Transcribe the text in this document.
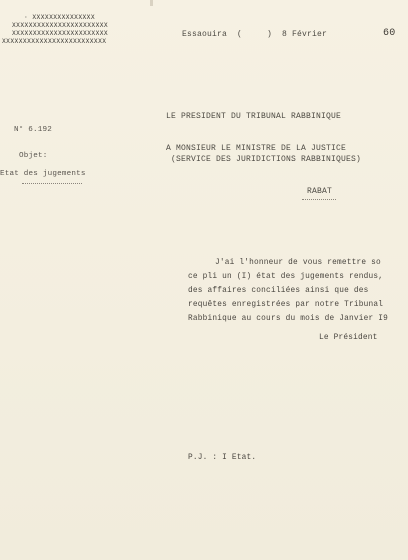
· XXXXXXXXXXXXXXX
XXXXXXXXXXXXXXXXXXXXXXX
XXXXXXXXXXXXXXXXXXXXXXX
XXXXXXXXXXXXXXXXXXXXXXXXX
Essaouira  (     )  8 Février	60
LE PRESIDENT DU TRIBUNAL RABBINIQUE
N° 6.192
A MONSIEUR LE MINISTRE DE LA JUSTICE
(SERVICE DES JURIDICTIONS RABBINIQUES)
Objet:
Etat des jugements
RABAT
J'ai l'honneur de vous remettre so
ce pli un (I) état des jugements rendus,
des affaires conciliées ainsi que des
requêtes enregistrées par notre Tribunal
Rabbinique au cours du mois de Janvier I9
Le Président
P.J. : I Etat.
